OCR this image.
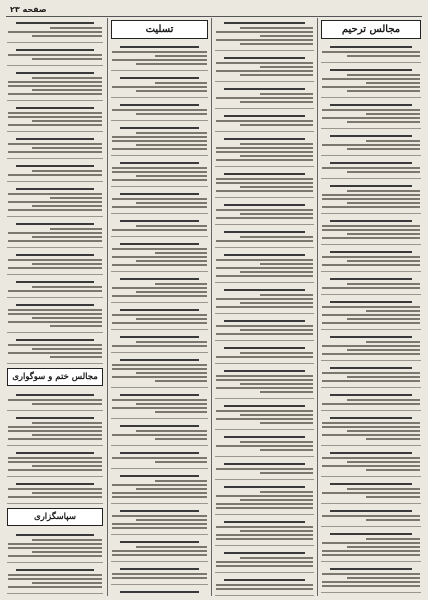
صفحه ۲۳
مجالس ترحیم
تسلیت
مجالس ختم و سوگواری
سپاسگزاری
